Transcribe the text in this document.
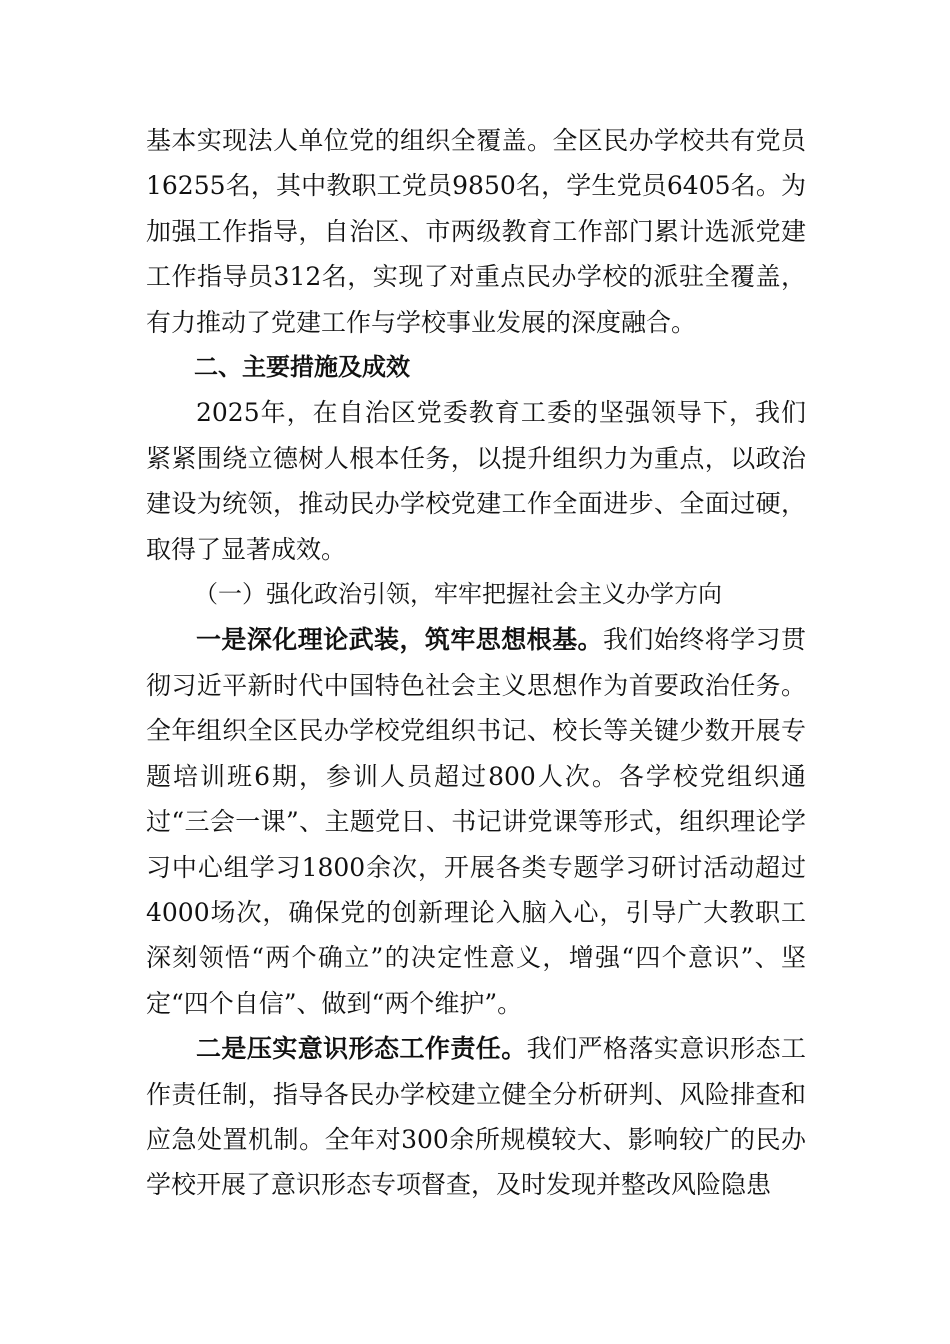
基本实现法人单位党的组织全覆盖。全区民办学校共有党员16255名，其中教职工党员9850名，学生党员6405名。为加强工作指导，自治区、市两级教育工作部门累计选派党建工作指导员312名，实现了对重点民办学校的派驻全覆盖，有力推动了党建工作与学校事业发展的深度融合。

二、主要措施及成效

2025年，在自治区党委教育工委的坚强领导下，我们紧紧围绕立德树人根本任务，以提升组织力为重点，以政治建设为统领，推动民办学校党建工作全面进步、全面过硬，取得了显著成效。

（一）强化政治引领，牢牢把握社会主义办学方向

一是深化理论武装，筑牢思想根基。我们始终将学习贯彻习近平新时代中国特色社会主义思想作为首要政治任务。全年组织全区民办学校党组织书记、校长等关键少数开展专题培训班6期，参训人员超过800人次。各学校党组织通过“三会一课”、主题党日、书记讲党课等形式，组织理论学习中心组学习1800余次，开展各类专题学习研讨活动超过4000场次，确保党的创新理论入脑入心，引导广大教职工深刻领悟“两个确立”的决定性意义，增强“四个意识”、坚定“四个自信”、做到“两个维护”。

二是压实意识形态工作责任。我们严格落实意识形态工作责任制，指导各民办学校建立健全分析研判、风险排查和应急处置机制。全年对300余所规模较大、影响较广的民办学校开展了意识形态专项督查，及时发现并整改风险隐患
